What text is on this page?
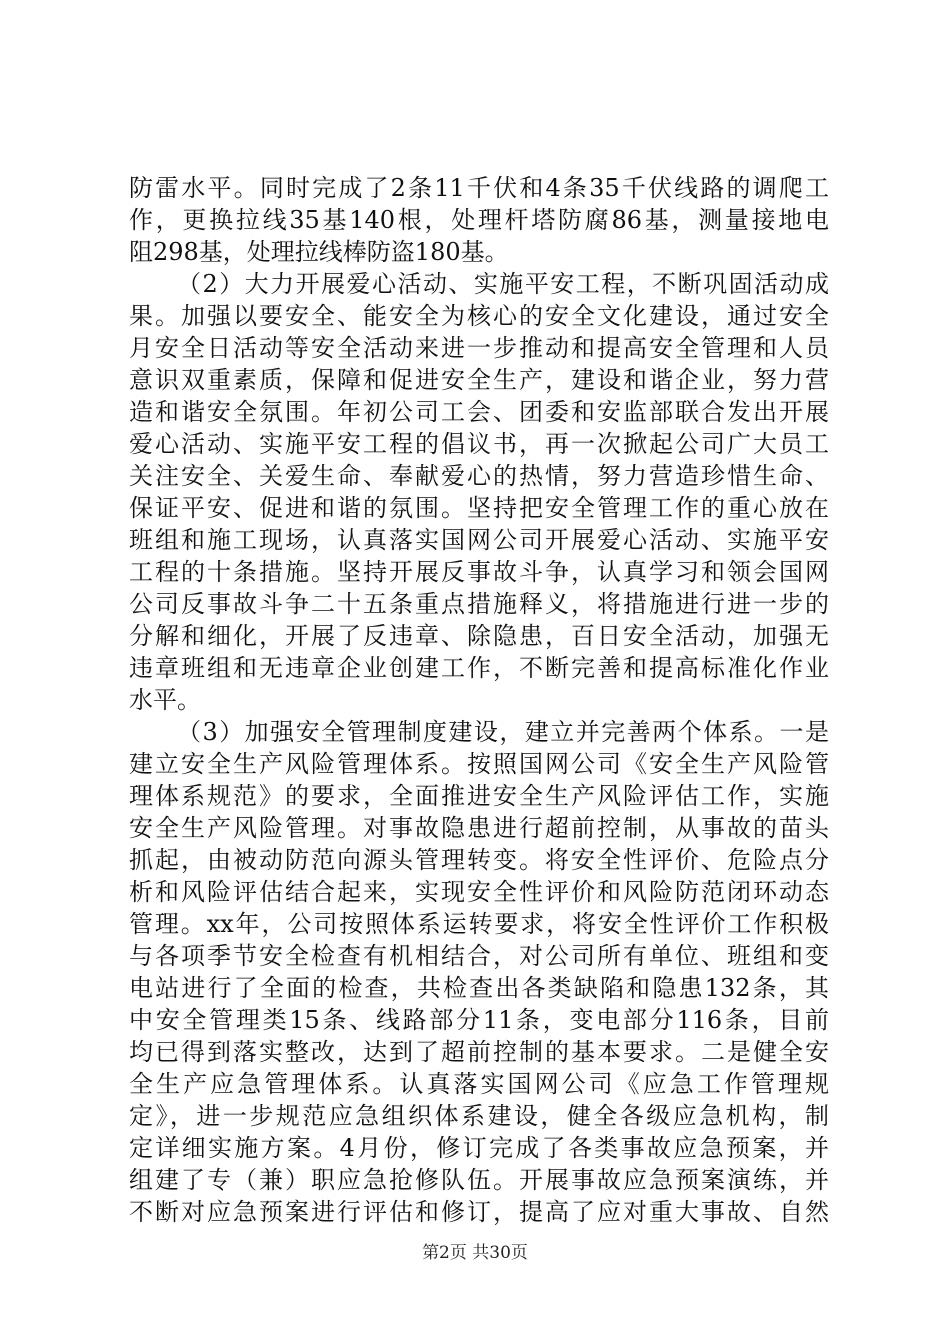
防雷水平。同时完成了2条11千伏和4条35千伏线路的调爬工
作，更换拉线35基140根，处理杆塔防腐86基，测量接地电
阻298基，处理拉线棒防盗180基。
（2）大力开展爱心活动、实施平安工程，不断巩固活动成
果。加强以要安全、能安全为核心的安全文化建设，通过安全
月安全日活动等安全活动来进一步推动和提高安全管理和人员
意识双重素质，保障和促进安全生产，建设和谐企业，努力营
造和谐安全氛围。年初公司工会、团委和安监部联合发出开展
爱心活动、实施平安工程的倡议书，再一次掀起公司广大员工
关注安全、关爱生命、奉献爱心的热情，努力营造珍惜生命、
保证平安、促进和谐的氛围。坚持把安全管理工作的重心放在
班组和施工现场，认真落实国网公司开展爱心活动、实施平安
工程的十条措施。坚持开展反事故斗争，认真学习和领会国网
公司反事故斗争二十五条重点措施释义，将措施进行进一步的
分解和细化，开展了反违章、除隐患，百日安全活动，加强无
违章班组和无违章企业创建工作，不断完善和提高标准化作业
水平。
（3）加强安全管理制度建设，建立并完善两个体系。一是
建立安全生产风险管理体系。按照国网公司《安全生产风险管
理体系规范》的要求，全面推进安全生产风险评估工作，实施
安全生产风险管理。对事故隐患进行超前控制，从事故的苗头
抓起，由被动防范向源头管理转变。将安全性评价、危险点分
析和风险评估结合起来，实现安全性评价和风险防范闭环动态
管理。xx年，公司按照体系运转要求，将安全性评价工作积极
与各项季节安全检查有机相结合，对公司所有单位、班组和变
电站进行了全面的检查，共检查出各类缺陷和隐患132条，其
中安全管理类15条、线路部分11条，变电部分116条，目前
均已得到落实整改，达到了超前控制的基本要求。二是健全安
全生产应急管理体系。认真落实国网公司《应急工作管理规
定》，进一步规范应急组织体系建设，健全各级应急机构，制
定详细实施方案。4月份，修订完成了各类事故应急预案，并
组建了专（兼）职应急抢修队伍。开展事故应急预案演练，并
不断对应急预案进行评估和修订，提高了应对重大事故、自然
第2页 共30页
